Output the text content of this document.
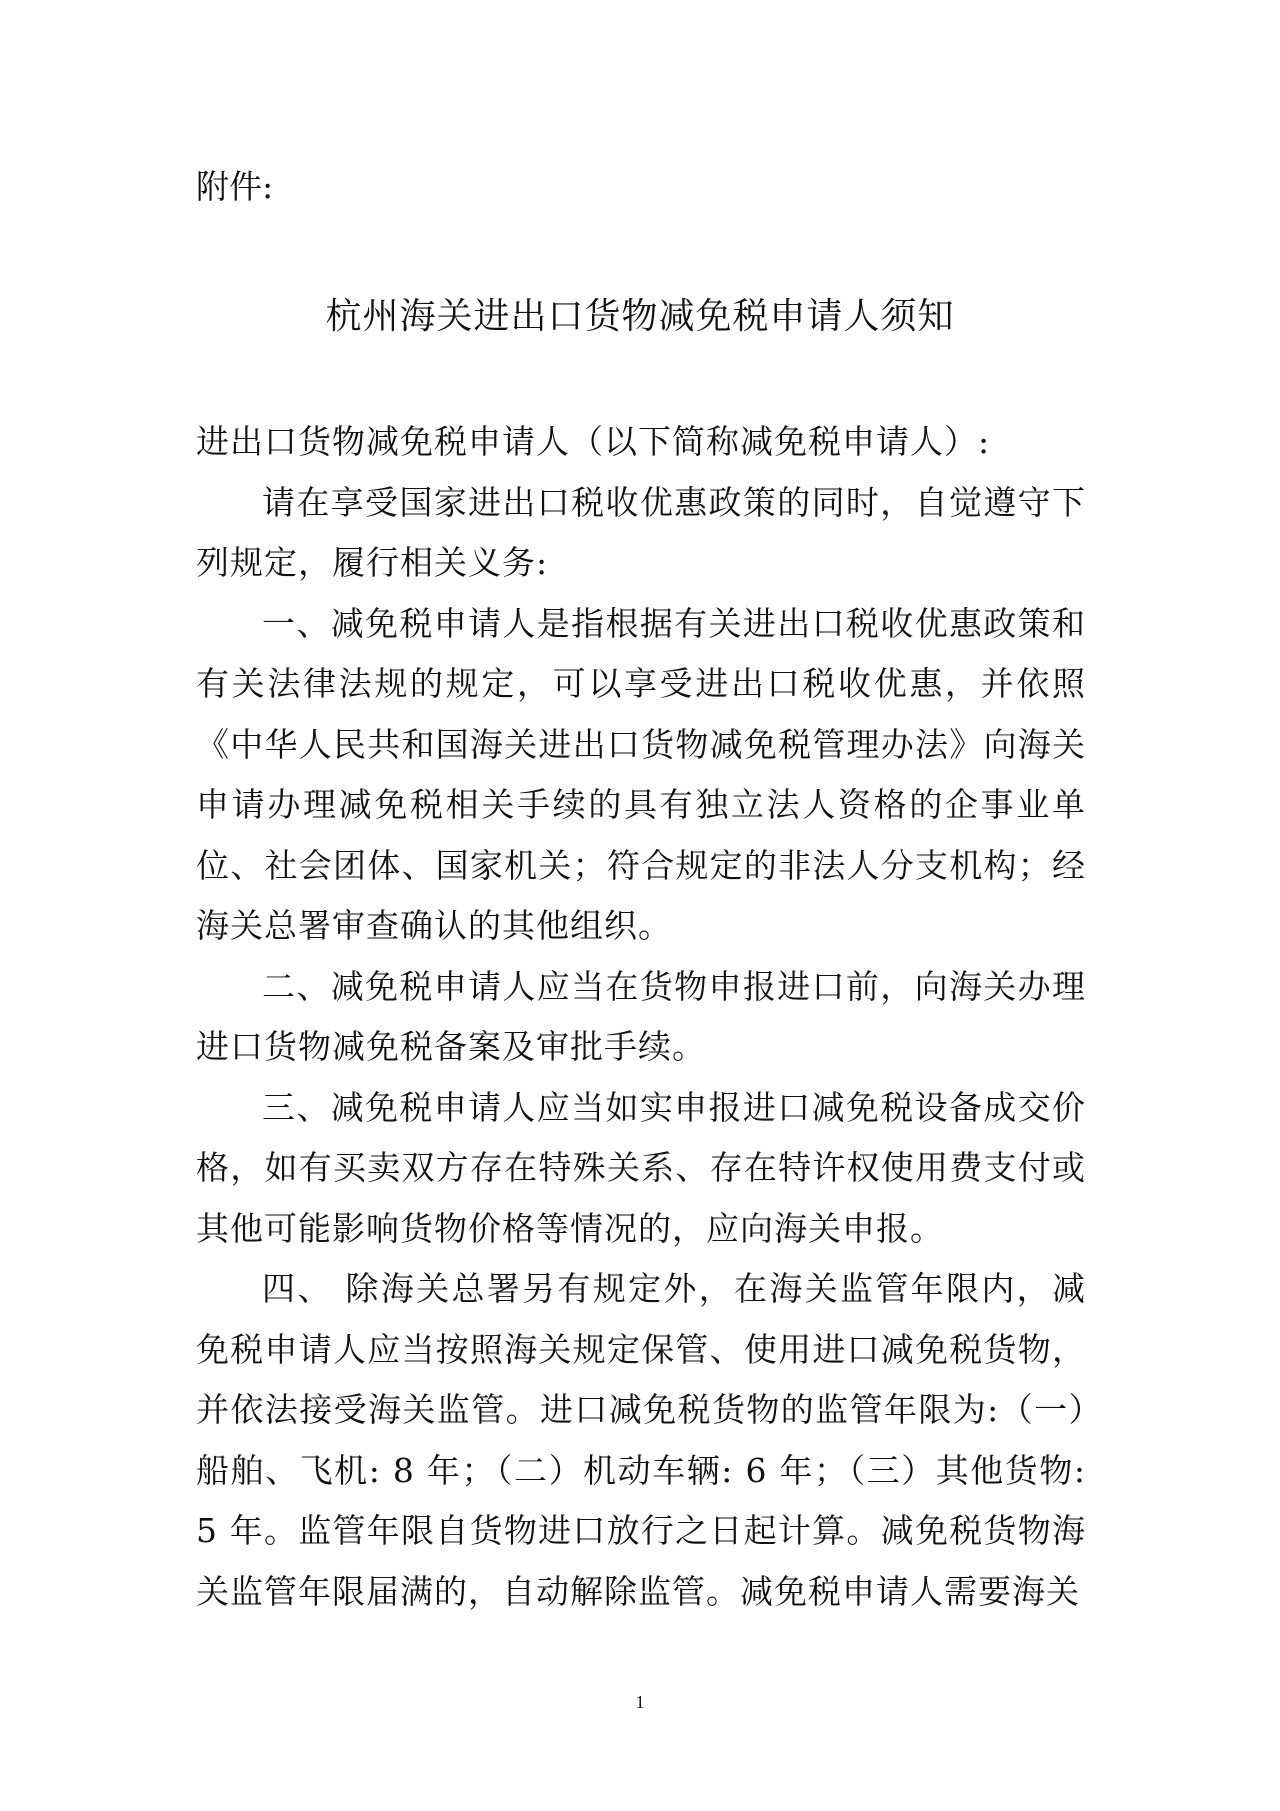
附件:
杭州海关进出口货物减免税申请人须知

进出口货物减免税申请人（以下简称减免税申请人）:

请在享受国家进出口税收优惠政策的同时，自觉遵守下列规定，履行相关义务:

一、减免税申请人是指根据有关进出口税收优惠政策和有关法律法规的规定，可以享受进出口税收优惠，并依照《中华人民共和国海关进出口货物减免税管理办法》向海关申请办理减免税相关手续的具有独立法人资格的企事业单位、社会团体、国家机关；符合规定的非法人分支机构；经海关总署审查确认的其他组织。

二、减免税申请人应当在货物申报进口前，向海关办理进口货物减免税备案及审批手续。

三、减免税申请人应当如实申报进口减免税设备成交价格，如有买卖双方存在特殊关系、存在特许权使用费支付或其他可能影响货物价格等情况的，应向海关申报。

四、 除海关总署另有规定外，在海关监管年限内，减免税申请人应当按照海关规定保管、使用进口减免税货物，并依法接受海关监管。进口减免税货物的监管年限为:（一）船舶、飞机: 8 年；（二）机动车辆: 6 年；（三）其他货物: 5 年。监管年限自货物进口放行之日起计算。减免税货物海关监管年限届满的，自动解除监管。减免税申请人需要海关

1
